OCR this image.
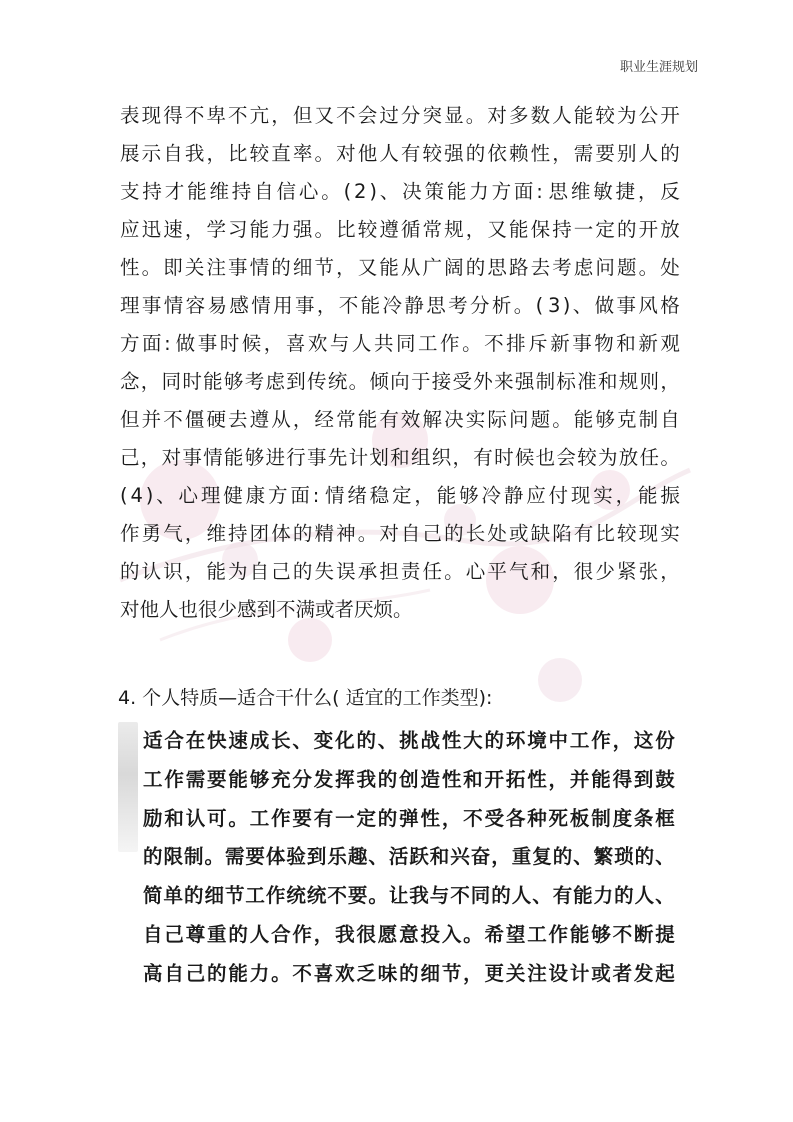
职业生涯规划
表 现 得 不 卑 不 亢 ， 但 又 不 会 过 分 突 显 。 对 多 数 人 能 较 为 公 开
展 示 自 我 ， 比 较 直 率 。 对 他 人 有 较 强 的 依 赖 性 ， 需 要 别 人 的
支 持 才 能 维 持 自 信 心 。 ( 2 ) 、 决 策 能 力 方 面 : 思 维 敏 捷 ， 反
应 迅 速 ， 学 习 能 力 强 。 比 较 遵 循 常 规 ， 又 能 保 持 一 定 的 开 放
性 。 即 关 注 事 情 的 细 节 ， 又 能 从 广 阔 的 思 路 去 考 虑 问 题 。 处
理 事 情 容 易 感 情 用 事 ， 不 能 冷 静 思 考 分 析 。 ( 3 ) 、 做 事 风 格
方 面 : 做 事 时 候 ， 喜 欢 与 人 共 同 工 作 。 不 排 斥 新 事 物 和 新 观
念 ， 同 时 能 够 考 虑 到 传 统 。 倾 向 于 接 受 外 来 强 制 标 准 和 规 则 ，
但 并 不 僵 硬 去 遵 从 ， 经 常 能 有 效 解 决 实 际 问 题 。 能 够 克 制 自
己 ， 对 事 情 能 够 进 行 事 先 计 划 和 组 织 ， 有 时 候 也 会 较 为 放 任 。
( 4 ) 、 心 理 健 康 方 面 : 情 绪 稳 定 ， 能 够 冷 静 应 付 现 实 ， 能 振
作 勇 气 ， 维 持 团 体 的 精 神 。 对 自 己 的 长 处 或 缺 陷 有 比 较 现 实
的 认 识 ， 能 为 自 己 的 失 误 承 担 责 任 。 心 平 气 和 ， 很 少 紧 张 ，
对他人也很少感到不满或者厌烦。
4. 个人特质—适合干什么( 适宜的工作类型):
适 合 在 快 速 成 长 、 变 化 的 、 挑 战 性 大 的 环 境 中 工 作 ， 这 份
工 作 需 要 能 够 充 分 发 挥 我 的 创 造 性 和 开 拓 性 ， 并 能 得 到 鼓
励 和 认 可 。 工 作 要 有 一 定 的 弹 性 ， 不 受 各 种 死 板 制 度 条 框
的 限 制 。 需 要 体 验 到 乐 趣 、 活 跃 和 兴 奋 ， 重 复 的 、 繁 琐 的 、
简 单 的 细 节 工 作 统 统 不 要 。 让 我 与 不 同 的 人 、 有 能 力 的 人 、
自 己 尊 重 的 人 合 作 ， 我 很 愿 意 投 入 。 希 望 工 作 能 够 不 断 提
高 自 己 的 能 力 。 不 喜 欢 乏 味 的 细 节 ， 更 关 注 设 计 或 者 发 起
